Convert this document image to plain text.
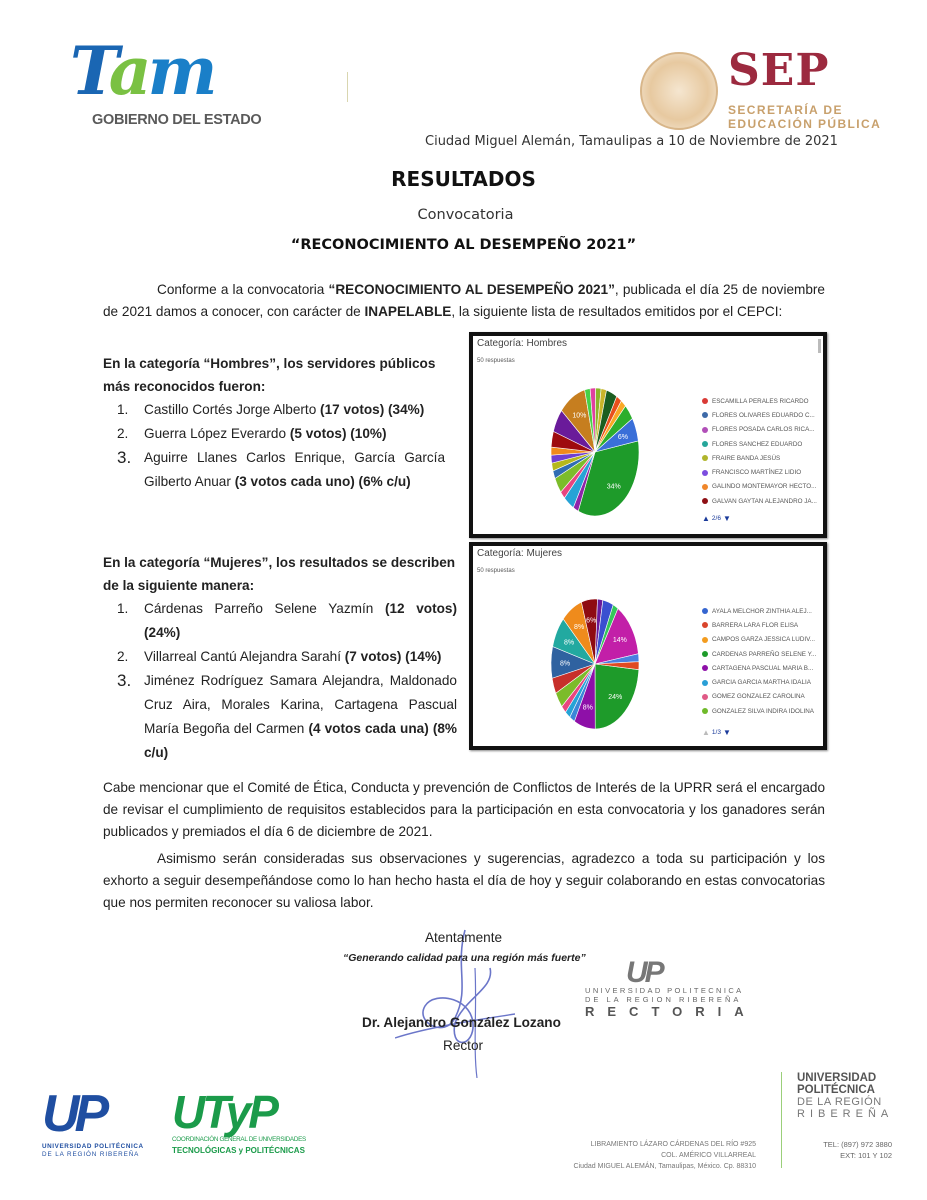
Tam
GOBIERNO DEL ESTADO
SEP
SECRETARÍA DE
EDUCACIÓN PÚBLICA
Ciudad Miguel Alemán, Tamaulipas a 10 de Noviembre de 2021
RESULTADOS
Convocatoria
“RECONOCIMIENTO AL DESEMPEÑO 2021”
Conforme a la convocatoria “RECONOCIMIENTO AL DESEMPEÑO 2021”, publicada el día 25 de noviembre de 2021 damos a conocer, con carácter de INAPELABLE, la siguiente lista de resultados emitidos por el CEPCI:
En la categoría “Hombres”, los servidores públicos más reconocidos fueron:
1. Castillo Cortés Jorge Alberto (17 votos) (34%)
2. Guerra López Everardo (5 votos) (10%)
3. Aguirre Llanes Carlos Enrique, García García Gilberto Anuar (3 votos cada uno) (6% c/u)
Categoría: Hombres
50 respuestas
34%
10%
6%
ESCAMILLA PERALES RICARDO
FLORES OLIVARES EDUARDO C...
FLORES POSADA CARLOS RICA...
FLORES SANCHEZ EDUARDO
FRAIRE BANDA JESÚS
FRANCISCO MARTÍNEZ LIDIO
GALINDO MONTEMAYOR HECTO...
GALVAN GAYTAN ALEJANDRO JA...
▲ 2/6 ▼
En la categoría “Mujeres”, los resultados se describen de la siguiente manera:
1. Cárdenas Parreño Selene Yazmín (12 votos) (24%)
2. Villarreal Cantú Alejandra Sarahí (7 votos) (14%)
3. Jiménez Rodríguez Samara Alejandra, Maldonado Cruz Aira, Morales Karina, Cartagena Pascual María Begoña del Carmen (4 votos cada una) (8% c/u)
Categoría: Mujeres
50 respuestas
24%
8%
8%
8%
8%
6%
14%
AYALA MELCHOR ZINTHIA ALEJ...
BARRERA LARA FLOR ELISA
CAMPOS GARZA JESSICA LUDIV...
CARDENAS PARREÑO SELENE Y...
CARTAGENA PASCUAL MARIA B...
GARCIA GARCIA MARTHA IDALIA
GOMEZ GONZALEZ CAROLINA
GONZALEZ SILVA INDIRA IDOLINA
▲ 1/3 ▼
Cabe mencionar que el Comité de Ética, Conducta y prevención de Conflictos de Interés de la UPRR será el encargado de revisar el cumplimiento de requisitos establecidos para la participación en esta convocatoria y los ganadores serán publicados y premiados el día 6 de diciembre de 2021.
Asimismo serán consideradas sus observaciones y sugerencias, agradezco a toda su participación y los exhorto a seguir desempeñándose como lo han hecho hasta el día de hoy y seguir colaborando en estas convocatorias que nos permiten reconocer su valiosa labor.
Atentamente
“Generando calidad para una región más fuerte”
Dr. Alejandro González Lozano
Rector
UP
UNIVERSIDAD POLITECNICA
DE LA REGION RIBEREÑA
RECTORIA
UP
UNIVERSIDAD POLITÉCNICA
DE LA REGIÓN RIBEREÑA
UTyP
COORDINACIÓN GENERAL DE UNIVERSIDADES
TECNOLÓGICAS y POLITÉCNICAS
UNIVERSIDAD
POLITÉCNICA
DE LA REGIÓN
RIBEREÑA
LIBRAMIENTO LÁZARO CÁRDENAS DEL RÍO #925
COL. AMÉRICO VILLARREAL
Ciudad MIGUEL ALEMÁN, Tamaulipas, México. Cp. 88310
TEL: (897) 972 3880
EXT: 101 Y 102
